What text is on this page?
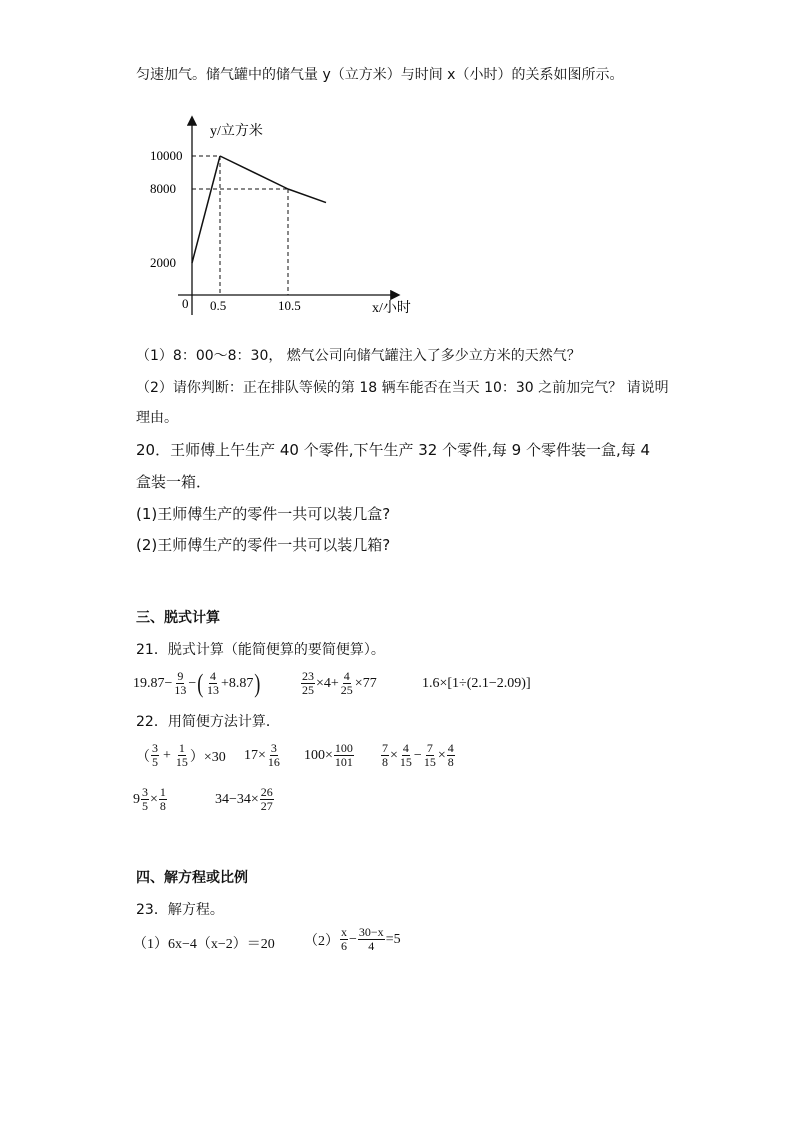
匀速加气。储气罐中的储气量 y（立方米）与时间 x（小时）的关系如图所示。
y/立方米
x/小时
0
2000
8000
10000
0.5	10.5
（1）8：00～8：30， 燃气公司向储气罐注入了多少立方米的天然气？
（2）请你判断：正在排队等候的第 18 辆车能否在当天 10：30 之前加完气？ 请说明
理由。
20．王师傅上午生产 40 个零件,下午生产 32 个零件,每 9 个零件装一盒,每 4
盒装一箱．
(1)王师傅生产的零件一共可以装几盒?
(2)王师傅生产的零件一共可以装几箱?
三、脱式计算
21．脱式计算（能简便算的要简便算）。
$19.87- \frac{9}{13}$ − ( $\frac{4}{13} +8.87$ )	$\frac{23}{25} \times 4+ \frac{4}{25} \times 77$	1.6×[1÷(2.1−2.09)]
22．用简便方法计算．
（ $\frac{3}{5} + \frac{1}{15} )\times 30$ $17\times \frac{3}{16} 100\times \frac{100}{101} \frac{7}{8} \times \frac{4}{15} - \frac{7}{15} \times \frac{4}{8}$
$9 \frac{3}{5} \times \frac{1}{8}$	$34-34\times \frac{26}{27}$
四、解方程或比例
23．解方程。
（1）6x−4（x−2）＝20 $(2) \frac{x}{6} - \frac{30-x}{4} =5$
